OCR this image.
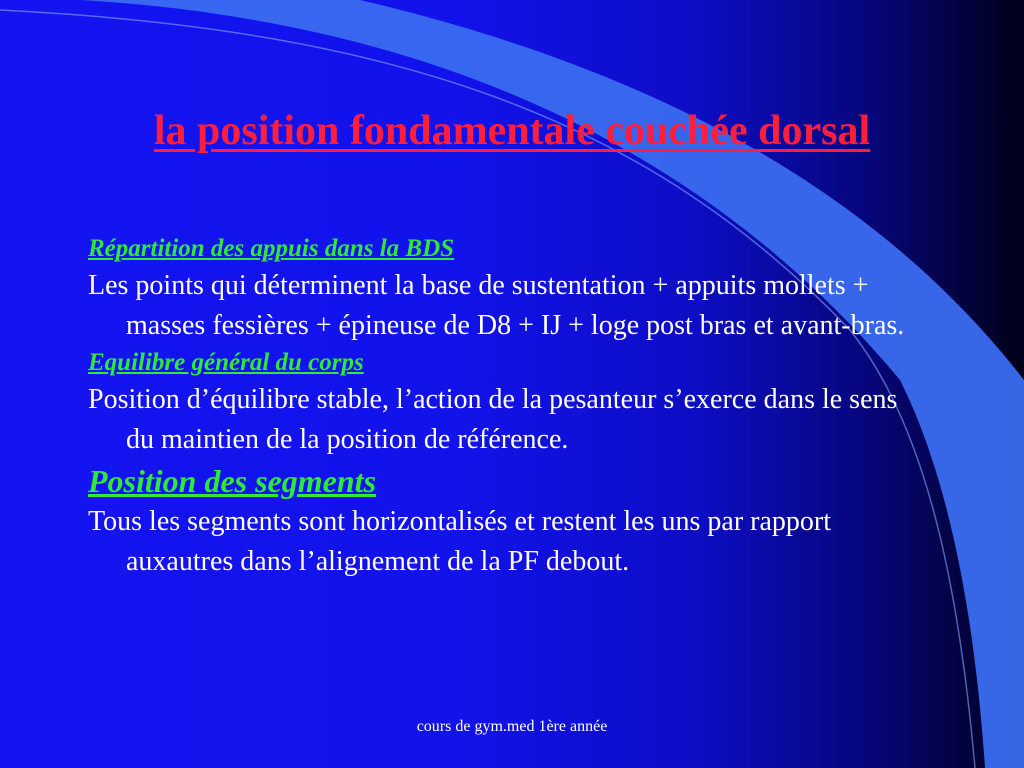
la position fondamentale couchée dorsal
Répartition des appuis dans la BDS
Les points qui déterminent la base de sustentation + appuits mollets + masses fessières + épineuse de D8 + IJ + loge post bras et avant-bras.
Equilibre général du corps
Position d’équilibre stable, l’action de la pesanteur s’exerce dans le sens du maintien de la position de référence.
Position des segments
Tous les segments sont horizontalisés et restent les uns par rapport auxautres dans l’alignement de la PF debout.
cours de gym.med 1ère année
